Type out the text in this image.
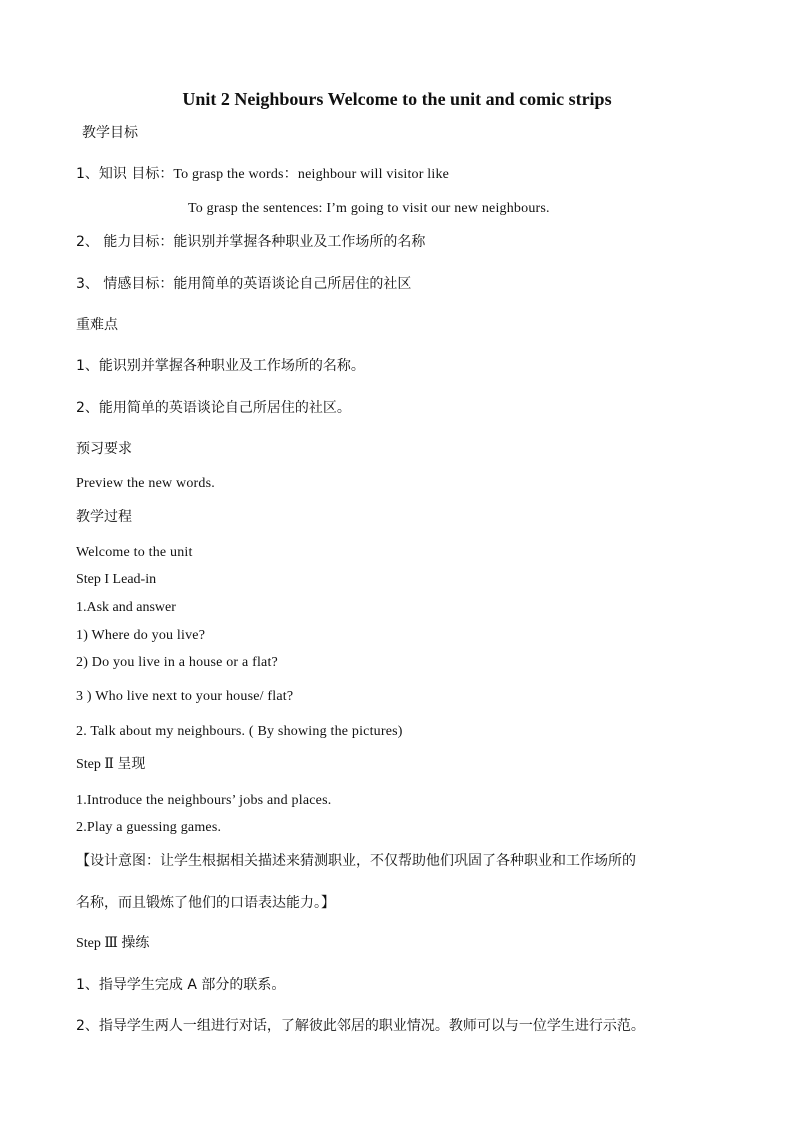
Unit 2 Neighbours Welcome to the unit and comic strips
教学目标
1、知识 目标：To grasp the words：neighbour will visitor like
To grasp the sentences: I’m going to visit our new neighbours.
2、 能力目标：能识别并掌握各种职业及工作场所的名称
3、 情感目标：能用简单的英语谈论自己所居住的社区
重难点
1、能识别并掌握各种职业及工作场所的名称。
2、能用简单的英语谈论自己所居住的社区。
预习要求
Preview the new words.
教学过程
Welcome to the unit
Step I Lead-in
1.Ask and answer
1) Where do you live?
2) Do you live in a house or a flat?
3 ) Who live next to your house/ flat?
2. Talk about my neighbours. ( By showing the pictures)
Step Ⅱ 呈现
1.Introduce the neighbours’ jobs and places.
2.Play a guessing games.
【设计意图：让学生根据相关描述来猜测职业，不仅帮助他们巩固了各种职业和工作场所的
名称，而且锻炼了他们的口语表达能力。】
Step Ⅲ 操练
1、指导学生完成 A 部分的联系。
2、指导学生两人一组进行对话，了解彼此邻居的职业情况。教师可以与一位学生进行示范。
